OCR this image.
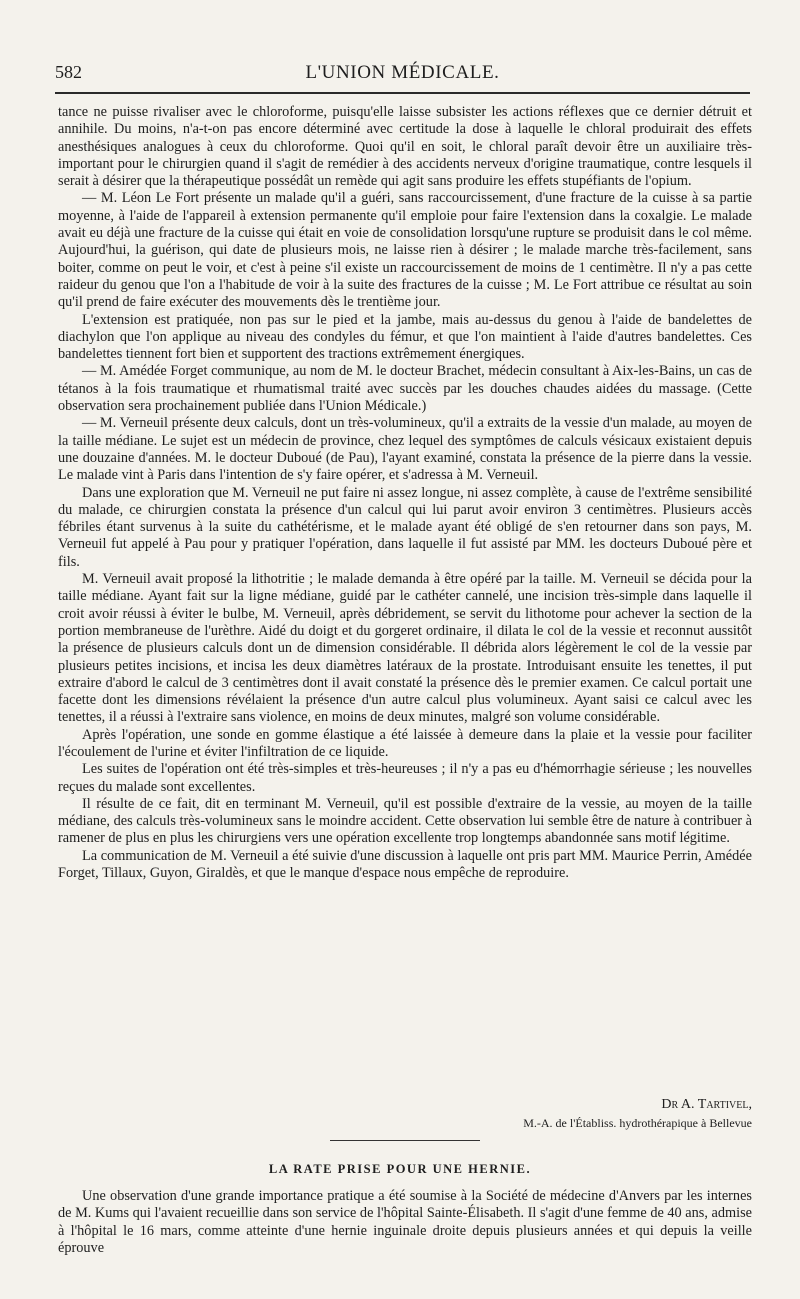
582	L'UNION MÉDICALE.

tance ne puisse rivaliser avec le chloroforme, puisqu'elle laisse subsister les actions réflexes que ce dernier détruit et annihile. Du moins, n'a-t-on pas encore déterminé avec certitude la dose à laquelle le chloral produirait des effets anesthésiques analogues à ceux du chloroforme. Quoi qu'il en soit, le chloral paraît devoir être un auxiliaire très-important pour le chirurgien quand il s'agit de remédier à des accidents nerveux d'origine traumatique, contre lesquels il serait à désirer que la thérapeutique possédât un remède qui agit sans produire les effets stupéfiants de l'opium.

— M. Léon Le Fort présente un malade qu'il a guéri, sans raccourcissement, d'une fracture de la cuisse à sa partie moyenne, à l'aide de l'appareil à extension permanente qu'il emploie pour faire l'extension dans la coxalgie. Le malade avait eu déjà une fracture de la cuisse qui était en voie de consolidation lorsqu'une rupture se produisit dans le col même. Aujourd'hui, la guérison, qui date de plusieurs mois, ne laisse rien à désirer ; le malade marche très-facilement, sans boiter, comme on peut le voir, et c'est à peine s'il existe un raccourcissement de moins de 1 centimètre. Il n'y a pas cette raideur du genou que l'on a l'habitude de voir à la suite des fractures de la cuisse ; M. Le Fort attribue ce résultat au soin qu'il prend de faire exécuter des mouvements dès le trentième jour.

L'extension est pratiquée, non pas sur le pied et la jambe, mais au-dessus du genou à l'aide de bandelettes de diachylon que l'on applique au niveau des condyles du fémur, et que l'on maintient à l'aide d'autres bandelettes. Ces bandelettes tiennent fort bien et supportent des tractions extrêmement énergiques.

— M. Amédée Forget communique, au nom de M. le docteur Brachet, médecin consultant à Aix-les-Bains, un cas de tétanos à la fois traumatique et rhumatismal traité avec succès par les douches chaudes aidées du massage. (Cette observation sera prochainement publiée dans l'Union Médicale.)

— M. Verneuil présente deux calculs, dont un très-volumineux, qu'il a extraits de la vessie d'un malade, au moyen de la taille médiane. Le sujet est un médecin de province, chez lequel des symptômes de calculs vésicaux existaient depuis une douzaine d'années. M. le docteur Duboué (de Pau), l'ayant examiné, constata la présence de la pierre dans la vessie. Le malade vint à Paris dans l'intention de s'y faire opérer, et s'adressa à M. Verneuil.

Dans une exploration que M. Verneuil ne put faire ni assez longue, ni assez complète, à cause de l'extrême sensibilité du malade, ce chirurgien constata la présence d'un calcul qui lui parut avoir environ 3 centimètres. Plusieurs accès fébriles étant survenus à la suite du cathétérisme, et le malade ayant été obligé de s'en retourner dans son pays, M. Verneuil fut appelé à Pau pour y pratiquer l'opération, dans laquelle il fut assisté par MM. les docteurs Duboué père et fils.

M. Verneuil avait proposé la lithotritie ; le malade demanda à être opéré par la taille. M. Verneuil se décida pour la taille médiane. Ayant fait sur la ligne médiane, guidé par le cathéter cannelé, une incision très-simple dans laquelle il croit avoir réussi à éviter le bulbe, M. Verneuil, après débridement, se servit du lithotome pour achever la section de la portion membraneuse de l'urèthre. Aidé du doigt et du gorgeret ordinaire, il dilata le col de la vessie et reconnut aussitôt la présence de plusieurs calculs dont un de dimension considérable. Il débrida alors légèrement le col de la vessie par plusieurs petites incisions, et incisa les deux diamètres latéraux de la prostate. Introduisant ensuite les tenettes, il put extraire d'abord le calcul de 3 centimètres dont il avait constaté la présence dès le premier examen. Ce calcul portait une facette dont les dimensions révélaient la présence d'un autre calcul plus volumineux. Ayant saisi ce calcul avec les tenettes, il a réussi à l'extraire sans violence, en moins de deux minutes, malgré son volume considérable.

Après l'opération, une sonde en gomme élastique a été laissée à demeure dans la plaie et la vessie pour faciliter l'écoulement de l'urine et éviter l'infiltration de ce liquide.

Les suites de l'opération ont été très-simples et très-heureuses ; il n'y a pas eu d'hémorrhagie sérieuse ; les nouvelles reçues du malade sont excellentes.

Il résulte de ce fait, dit en terminant M. Verneuil, qu'il est possible d'extraire de la vessie, au moyen de la taille médiane, des calculs très-volumineux sans le moindre accident. Cette observation lui semble être de nature à contribuer à ramener de plus en plus les chirurgiens vers une opération excellente trop longtemps abandonnée sans motif légitime.

La communication de M. Verneuil a été suivie d'une discussion à laquelle ont pris part MM. Maurice Perrin, Amédée Forget, Tillaux, Guyon, Giraldès, et que le manque d'espace nous empêche de reproduire.

Dr A. Tartivel,
M.-A. de l'Établiss. hydrothérapique à Bellevue
LA RATE PRISE POUR UNE HERNIE.

Une observation d'une grande importance pratique a été soumise à la Société de médecine d'Anvers par les internes de M. Kums qui l'avaient recueillie dans son service de l'hôpital Sainte-Élisabeth. Il s'agit d'une femme de 40 ans, admise à l'hôpital le 16 mars, comme atteinte d'une hernie inguinale droite depuis plusieurs années et qui depuis la veille éprouve
